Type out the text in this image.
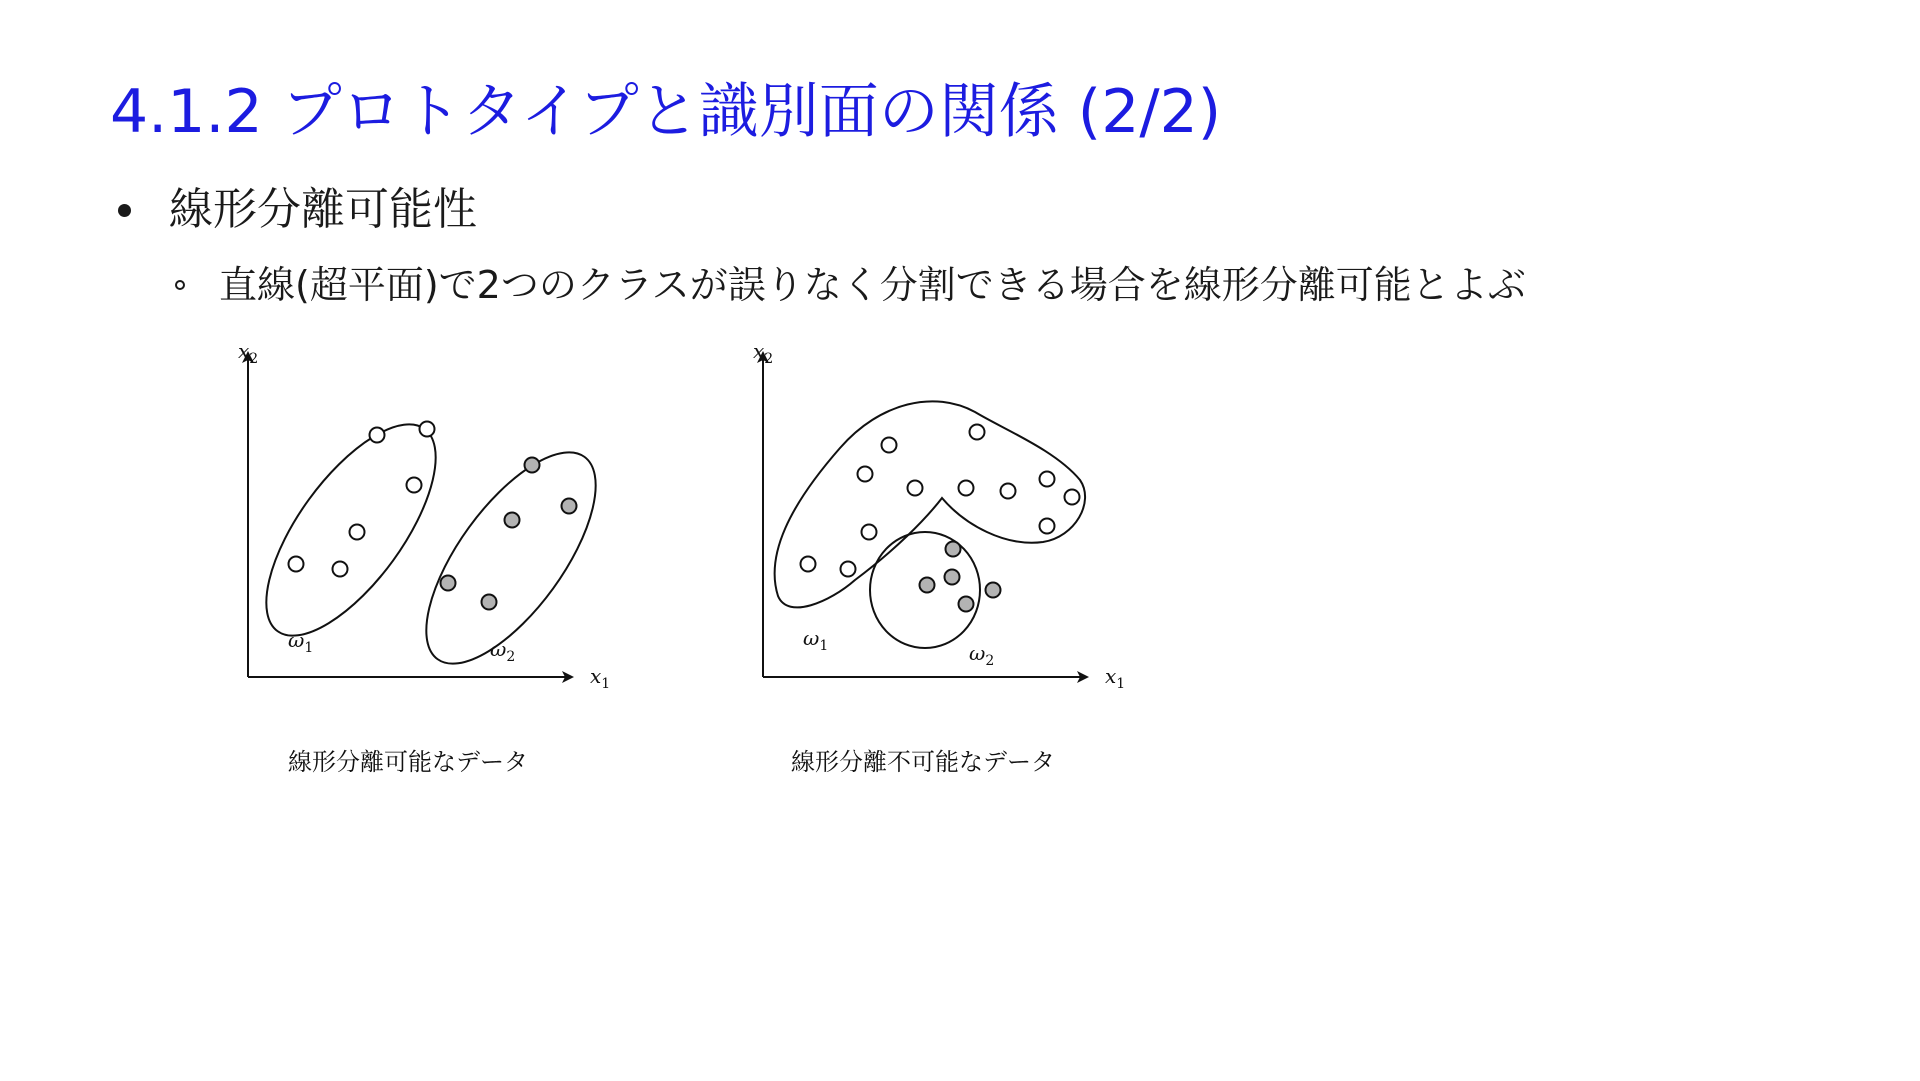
4.1.2 プロトタイプと識別面の関係 (2/2)
線形分離可能性
直線(超平面)で2つのクラスが誤りなく分割できる場合を線形分離可能とよぶ
$x_2$
$x_1$
$\omega_1$	$\omega_2$
線形分離可能なデータ
$x_2$
$x_1$
$\omega_1$	$\omega_2$
線形分離不可能なデータ
